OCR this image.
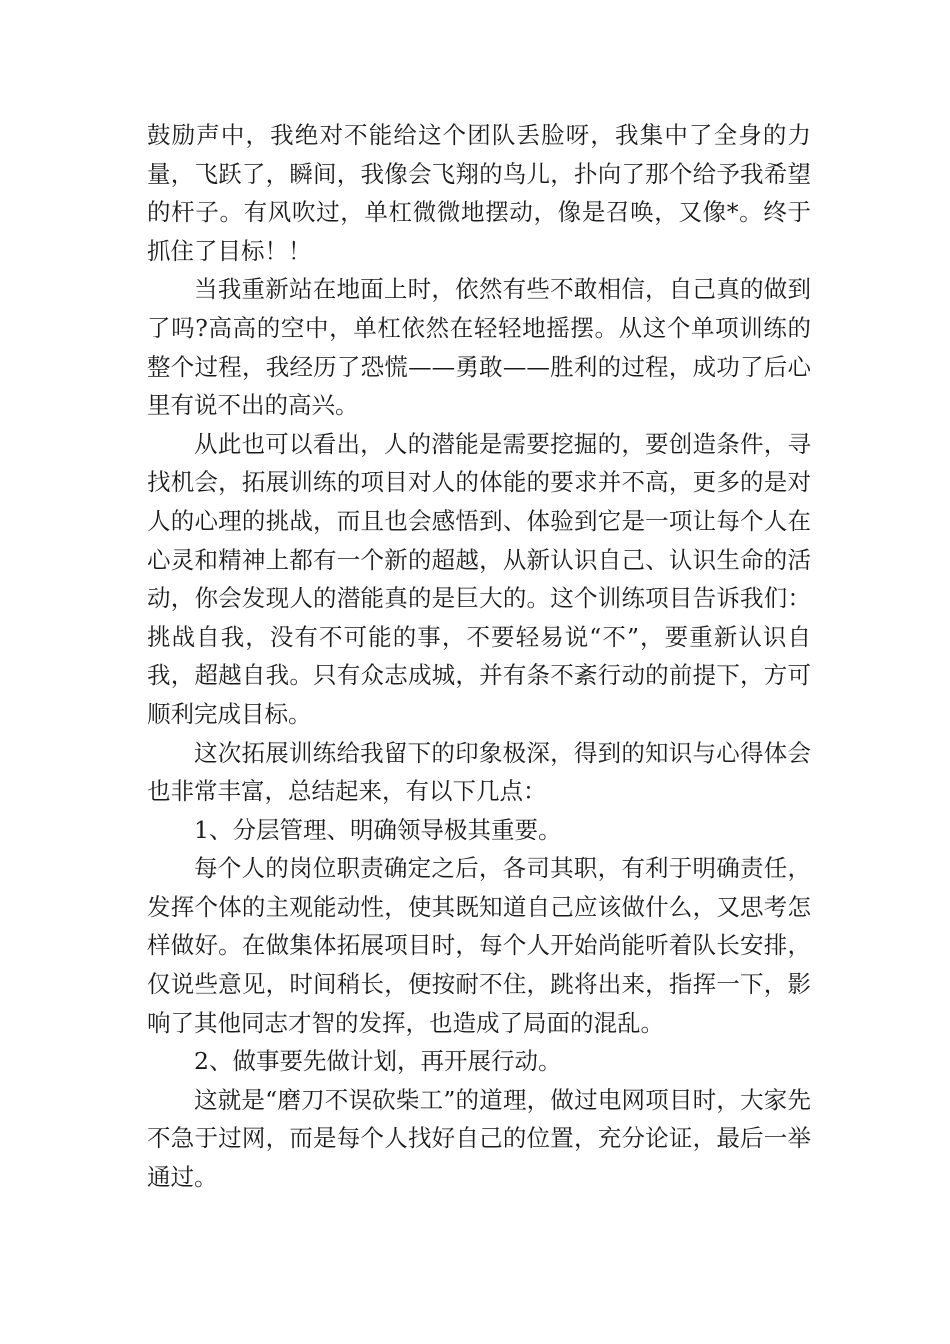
鼓励声中，我绝对不能给这个团队丢脸呀，我集中了全身的力量，飞跃了，瞬间，我像会飞翔的鸟儿，扑向了那个给予我希望的杆子。有风吹过，单杠微微地摆动，像是召唤，又像*。终于抓住了目标！！

当我重新站在地面上时，依然有些不敢相信，自己真的做到了吗?高高的空中，单杠依然在轻轻地摇摆。从这个单项训练的整个过程，我经历了恐慌——勇敢——胜利的过程，成功了后心里有说不出的高兴。

从此也可以看出，人的潜能是需要挖掘的，要创造条件，寻找机会，拓展训练的项目对人的体能的要求并不高，更多的是对人的心理的挑战，而且也会感悟到、体验到它是一项让每个人在心灵和精神上都有一个新的超越，从新认识自己、认识生命的活动，你会发现人的潜能真的是巨大的。这个训练项目告诉我们：挑战自我，没有不可能的事，不要轻易说“不”，要重新认识自我，超越自我。只有众志成城，并有条不紊行动的前提下，方可顺利完成目标。

这次拓展训练给我留下的印象极深，得到的知识与心得体会也非常丰富，总结起来，有以下几点：

1、分层管理、明确领导极其重要。

每个人的岗位职责确定之后，各司其职，有利于明确责任，发挥个体的主观能动性，使其既知道自己应该做什么，又思考怎样做好。在做集体拓展项目时，每个人开始尚能听着队长安排，仅说些意见，时间稍长，便按耐不住，跳将出来，指挥一下，影响了其他同志才智的发挥，也造成了局面的混乱。

2、做事要先做计划，再开展行动。

这就是“磨刀不误砍柴工”的道理，做过电网项目时，大家先不急于过网，而是每个人找好自己的位置，充分论证，最后一举通过。
